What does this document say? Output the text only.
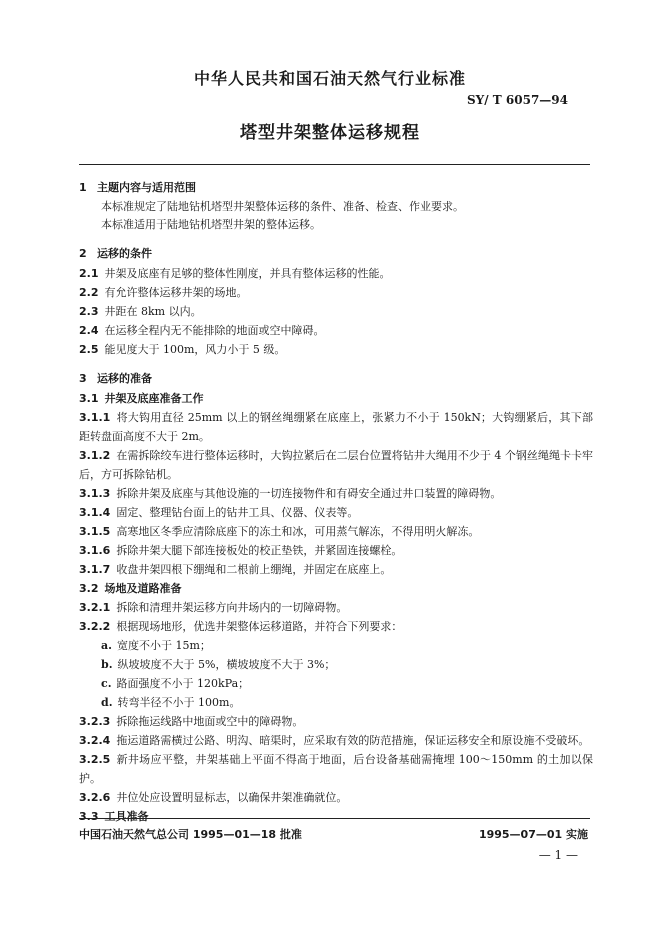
中华人民共和国石油天然气行业标准
SY/ T 6057—94
塔型井架整体运移规程

1 主题内容与适用范围

本标准规定了陆地钻机塔型井架整体运移的条件、准备、检查、作业要求。

本标准适用于陆地钻机塔型井架的整体运移。

2 运移的条件

2.1 井架及底座有足够的整体性刚度，并具有整体运移的性能。

2.2 有允许整体运移井架的场地。

2.3 井距在 8km 以内。

2.4 在运移全程内无不能排除的地面或空中障碍。

2.5 能见度大于 100m，风力小于 5 级。

3 运移的准备

3.1 井架及底座准备工作

3.1.1 将大钩用直径 25mm 以上的钢丝绳绷紧在底座上，张紧力不小于 150kN；大钩绷紧后，其下部距转盘面高度不大于 2m。

3.1.2 在需拆除绞车进行整体运移时，大钩拉紧后在二层台位置将钻井大绳用不少于 4 个钢丝绳绳卡卡牢后，方可拆除钻机。

3.1.3 拆除井架及底座与其他设施的一切连接物件和有碍安全通过井口装置的障碍物。

3.1.4 固定、整理钻台面上的钻井工具、仪器、仪表等。

3.1.5 高寒地区冬季应清除底座下的冻土和冰，可用蒸气解冻，不得用明火解冻。

3.1.6 拆除井架大腿下部连接板处的校正垫铁，并紧固连接螺栓。

3.1.7 收盘井架四根下绷绳和二根前上绷绳，并固定在底座上。

3.2 场地及道路准备

3.2.1 拆除和清理井架运移方向井场内的一切障碍物。

3.2.2 根据现场地形，优选井架整体运移道路，并符合下列要求：

a. 宽度不小于 15m；

b. 纵坡坡度不大于 5%，横坡坡度不大于 3%；

c. 路面强度不小于 120kPa；

d. 转弯半径不小于 100m。

3.2.3 拆除拖运线路中地面或空中的障碍物。

3.2.4 拖运道路需横过公路、明沟、暗渠时，应采取有效的防范措施，保证运移安全和原设施不受破坏。

3.2.5 新井场应平整，井架基础上平面不得高于地面，后台设备基础需掩埋 100～150mm 的土加以保护。

3.2.6 井位处应设置明显标志，以确保井架准确就位。

3.3 工具准备

中国石油天然气总公司 1995—01—18 批准	1995—07—01 实施
— 1 —
